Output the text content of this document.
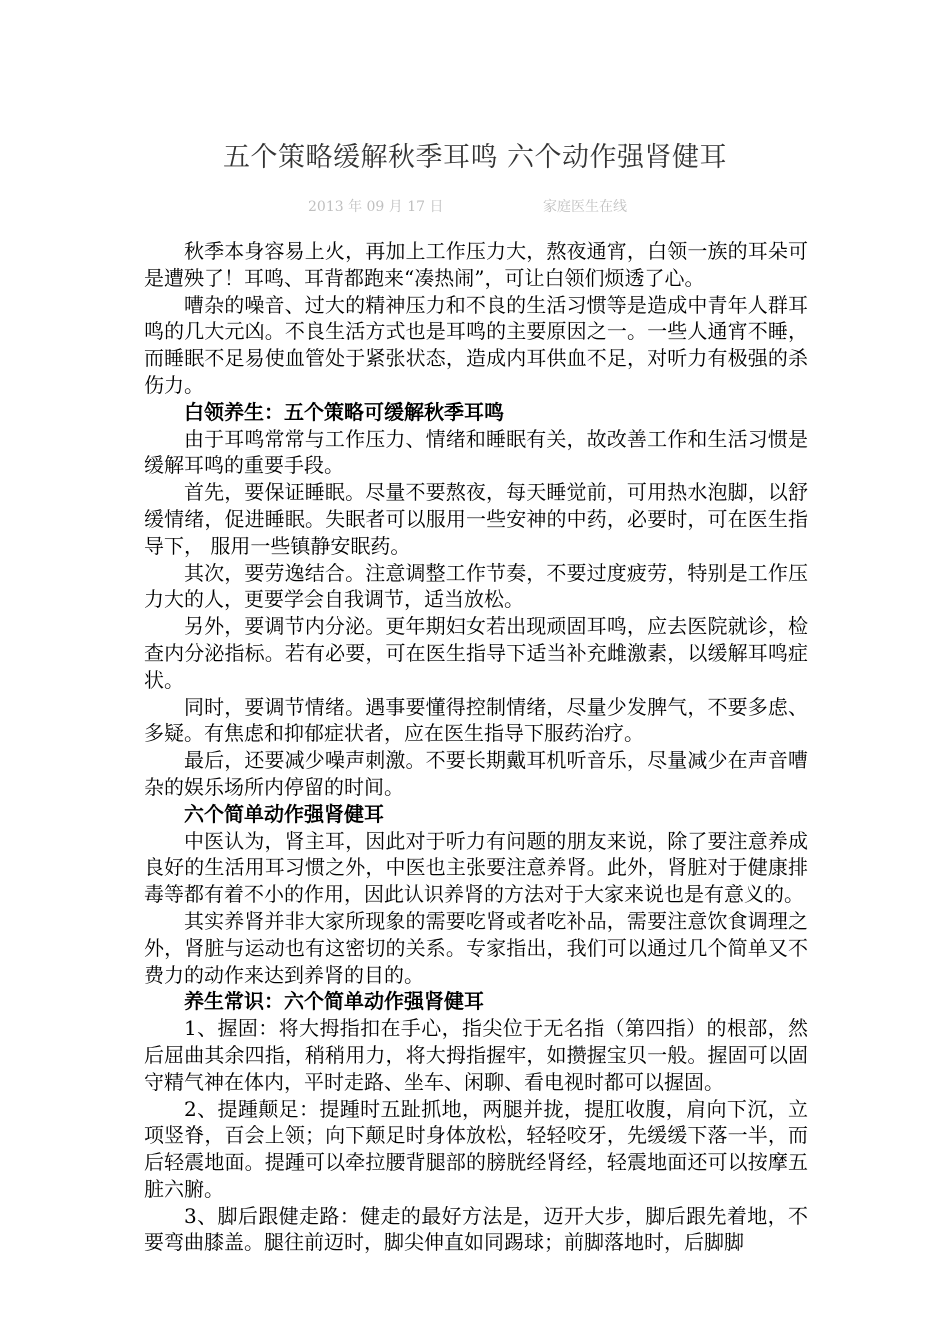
五个策略缓解秋季耳鸣 六个动作强肾健耳
2013 年 09 月 17 日	家庭医生在线

秋季本身容易上火，再加上工作压力大，熬夜通宵，白领一族的耳朵可是遭殃了！耳鸣、耳背都跑来“凑热闹”，可让白领们烦透了心。

嘈杂的噪音、过大的精神压力和不良的生活习惯等是造成中青年人群耳鸣的几大元凶。不良生活方式也是耳鸣的主要原因之一。一些人通宵不睡，而睡眠不足易使血管处于紧张状态，造成内耳供血不足，对听力有极强的杀伤力。

白领养生：五个策略可缓解秋季耳鸣

由于耳鸣常常与工作压力、情绪和睡眠有关，故改善工作和生活习惯是缓解耳鸣的重要手段。

首先，要保证睡眠。尽量不要熬夜，每天睡觉前，可用热水泡脚，以舒缓情绪，促进睡眠。失眠者可以服用一些安神的中药，必要时，可在医生指导下， 服用一些镇静安眠药。

其次，要劳逸结合。注意调整工作节奏，不要过度疲劳，特别是工作压力大的人，更要学会自我调节，适当放松。

另外，要调节内分泌。更年期妇女若出现顽固耳鸣，应去医院就诊，检查内分泌指标。若有必要，可在医生指导下适当补充雌激素，以缓解耳鸣症状。

同时，要调节情绪。遇事要懂得控制情绪，尽量少发脾气，不要多虑、多疑。有焦虑和抑郁症状者，应在医生指导下服药治疗。

最后，还要减少噪声刺激。不要长期戴耳机听音乐，尽量减少在声音嘈杂的娱乐场所内停留的时间。

六个简单动作强肾健耳

中医认为，肾主耳，因此对于听力有问题的朋友来说，除了要注意养成良好的生活用耳习惯之外，中医也主张要注意养肾。此外，肾脏对于健康排毒等都有着不小的作用，因此认识养肾的方法对于大家来说也是有意义的。

其实养肾并非大家所现象的需要吃肾或者吃补品，需要注意饮食调理之外，肾脏与运动也有这密切的关系。专家指出，我们可以通过几个简单又不费力的动作来达到养肾的目的。

养生常识：六个简单动作强肾健耳

1、握固：将大拇指扣在手心，指尖位于无名指（第四指）的根部，然后屈曲其余四指，稍稍用力，将大拇指握牢，如攒握宝贝一般。握固可以固守精气神在体内，平时走路、坐车、闲聊、看电视时都可以握固。

2、提踵颠足：提踵时五趾抓地，两腿并拢，提肛收腹，肩向下沉，立项竖脊，百会上领；向下颠足时身体放松，轻轻咬牙，先缓缓下落一半，而后轻震地面。提踵可以牵拉腰背腿部的膀胱经肾经，轻震地面还可以按摩五脏六腑。

3、脚后跟健走路：健走的最好方法是，迈开大步，脚后跟先着地，不要弯曲膝盖。腿往前迈时，脚尖伸直如同踢球；前脚落地时，后脚脚
